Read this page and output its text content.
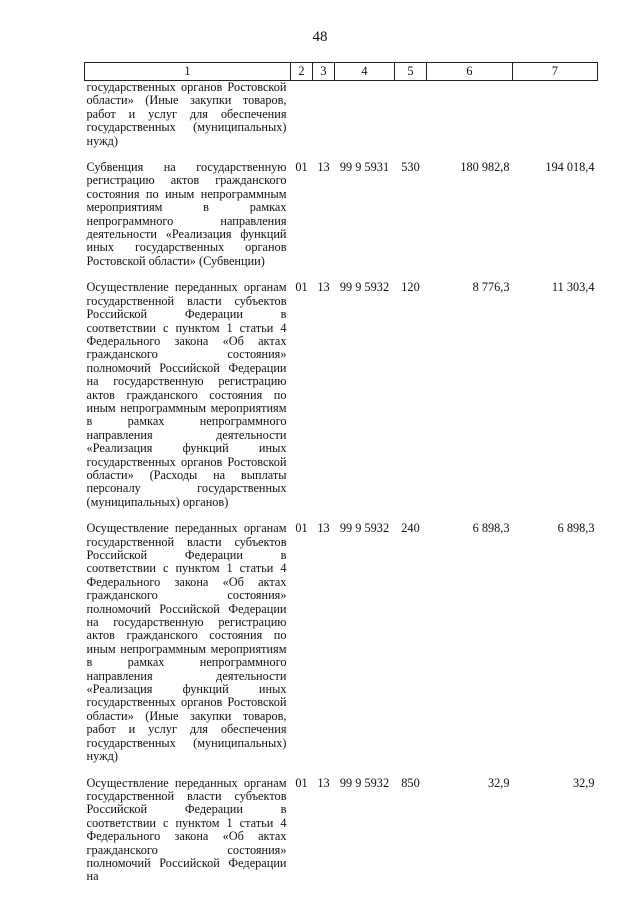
48
1	2	3	4	5	6	7
государственных органов Ростовской области» (Иные закупки товаров, работ и услуг для обеспечения государственных (муниципальных) нужд)						

Субвенция на государственную регистрацию актов гражданского состояния по иным непрограммным мероприятиям в рамках непрограммного направления деятельности «Реализация функций иных государственных органов Ростовской области» (Субвенции)	01	13	99 9 5931	530	180 982,8	194 018,4

Осуществление переданных органам государственной власти субъектов Российской Федерации в соответствии с пунктом 1 статьи 4 Федерального закона «Об актах гражданского состояния» полномочий Российской Федерации на государственную регистрацию актов гражданского состояния по иным непрограммным мероприятиям в рамках непрограммного направления деятельности «Реализация функций иных государственных органов Ростовской области» (Расходы на выплаты персоналу государственных (муниципальных) органов)	01	13	99 9 5932	120	8 776,3	11 303,4

Осуществление переданных органам государственной власти субъектов Российской Федерации в соответствии с пунктом 1 статьи 4 Федерального закона «Об актах гражданского состояния» полномочий Российской Федерации на государственную регистрацию актов гражданского состояния по иным непрограммным мероприятиям в рамках непрограммного направления деятельности «Реализация функций иных государственных органов Ростовской области» (Иные закупки товаров, работ и услуг для обеспечения государственных (муниципальных) нужд)	01	13	99 9 5932	240	6 898,3	6 898,3

Осуществление переданных органам государственной власти субъектов Российской Федерации в соответствии с пунктом 1 статьи 4 Федерального закона «Об актах гражданского состояния» полномочий Российской Федерации на	01	13	99 9 5932	850	32,9	32,9
